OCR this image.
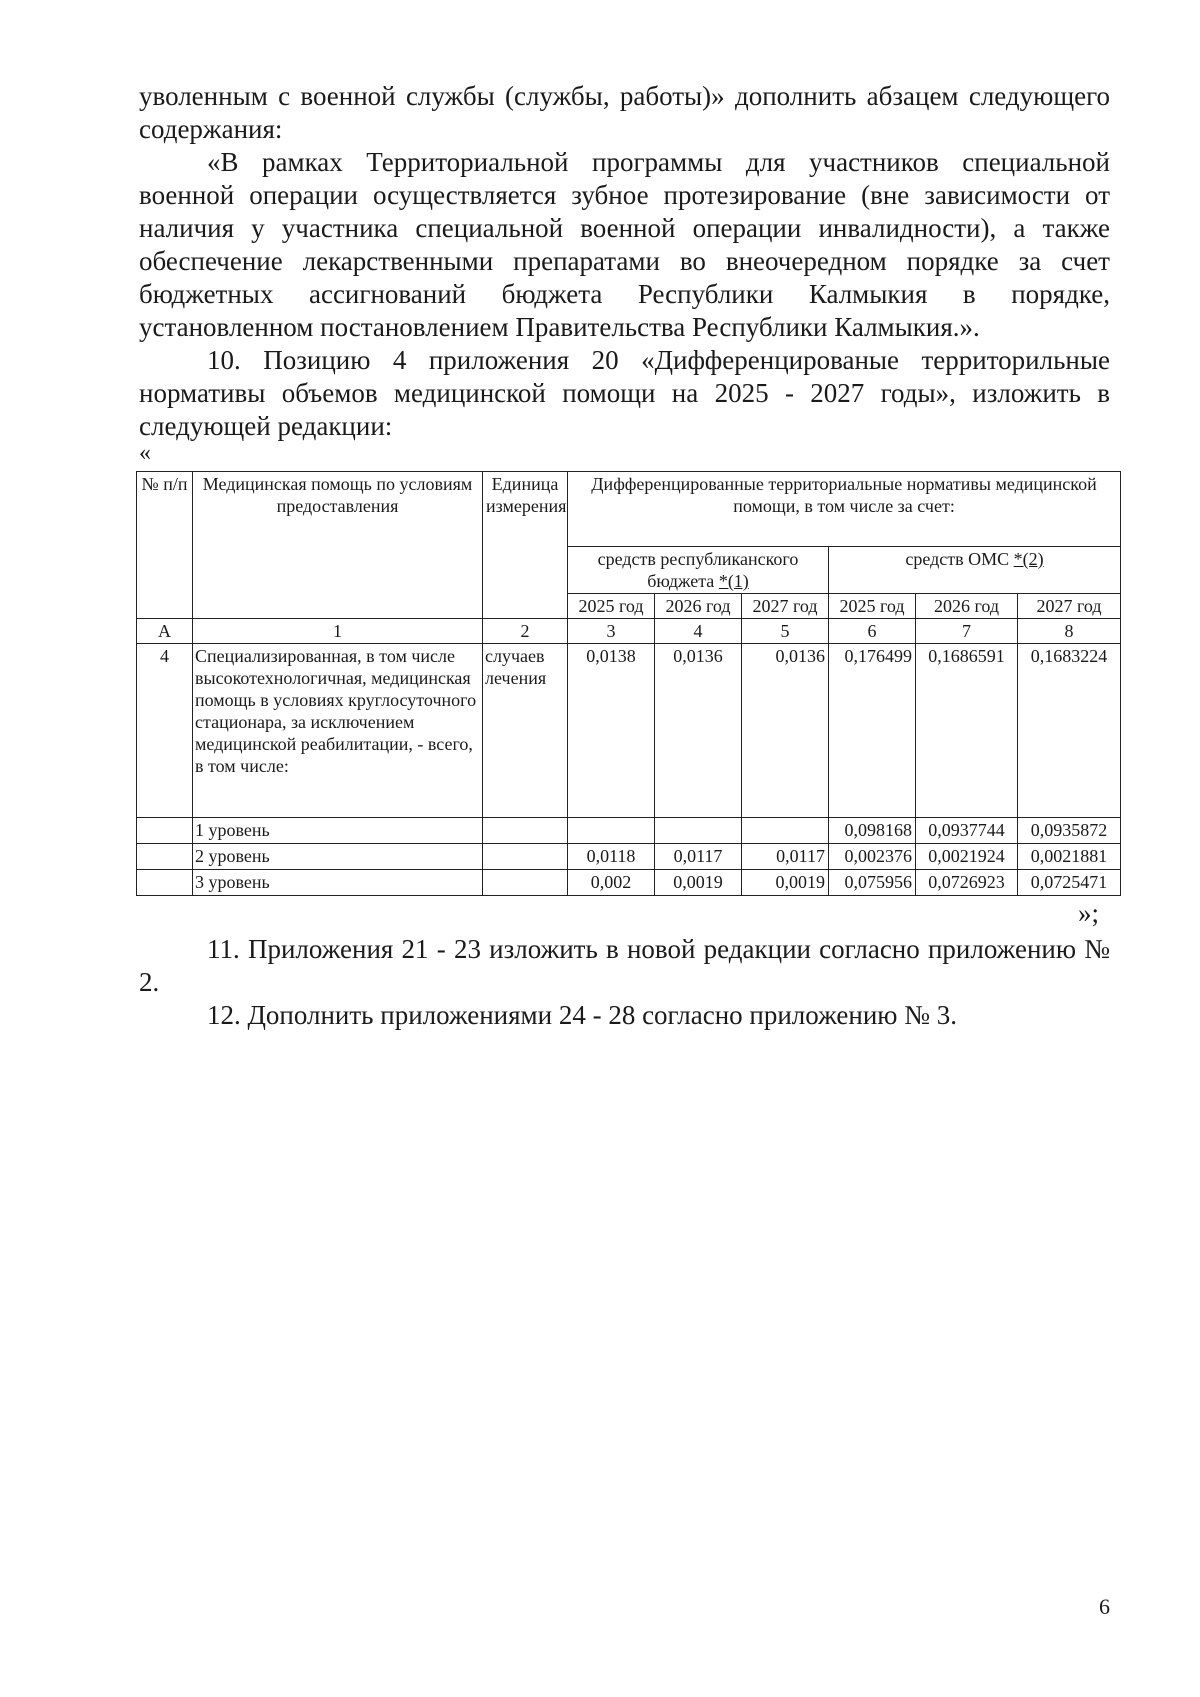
уволенным с военной службы (службы, работы)» дополнить абзацем следующего содержания:

«В рамках Территориальной программы для участников специальной военной операции осуществляется зубное протезирование (вне зависимости от наличия у участника специальной военной операции инвалидности), а также обеспечение лекарственными препаратами во внеочередном порядке за счет бюджетных ассигнований бюджета Республики Калмыкия в порядке, установленном постановлением Правительства Республики Калмыкия.».

10. Позицию 4 приложения 20 «Дифференцированые территорильные нормативы объемов медицинской помощи на 2025 - 2027 годы», изложить в следующей редакции:

«
№ п/п	Медицинская помощь по условиям предоставления	Единица измерения	Дифференцированные территориальные нормативы медицинской помощи, в том числе за счет:					
			средств республиканского бюджета *(1)			средств ОМС *(2)		
			2025 год	2026 год	2027 год	2025 год	2026 год	2027 год
А	1	2	3	4	5	6	7	8
4	Специализированная, в том числе высокотехнологичная, медицинская помощь в условиях круглосуточного стационара, за исключением медицинской реабилитации, - всего, в том числе:	случаев лечения	0,0138	0,0136	0,0136	0,176499	0,1686591	0,1683224
	1 уровень					0,098168	0,0937744	0,0935872
	2 уровень		0,0118	0,0117	0,0117	0,002376	0,0021924	0,0021881
	3 уровень		0,002	0,0019	0,0019	0,075956	0,0726923	0,0725471
»;

11. Приложения 21 - 23 изложить в новой редакции согласно приложению № 2.

12. Дополнить приложениями 24 - 28 согласно приложению № 3.

6
